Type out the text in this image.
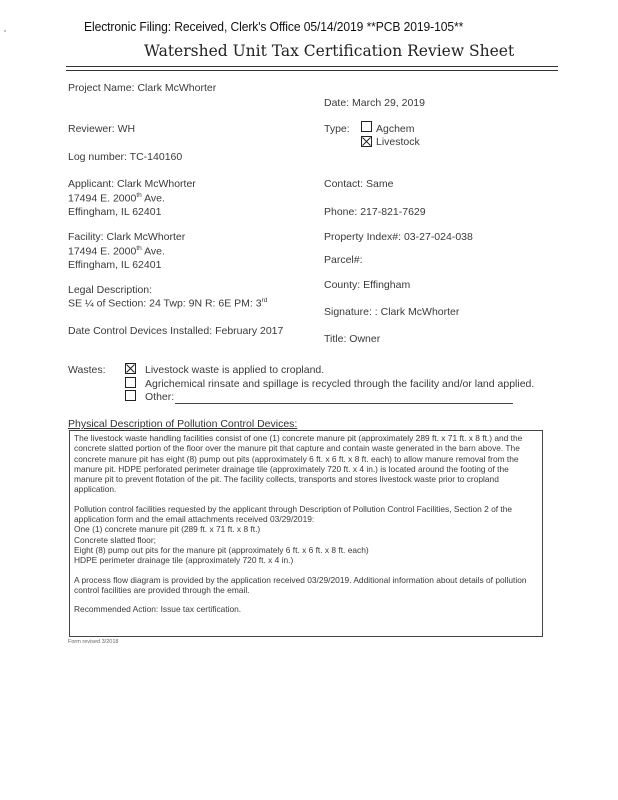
Electronic Filing: Received, Clerk's Office 05/14/2019 **PCB 2019-105**
Watershed Unit Tax Certification Review Sheet
Project Name: Clark McWhorter
Reviewer: WH
Log number: TC-140160
Applicant: Clark McWhorter
17494 E. 2000th Ave.
Effingham, IL 62401
Facility: Clark McWhorter
17494 E. 2000th Ave.
Effingham, IL 62401
Legal Description:
SE ¼ of Section: 24 Twp: 9N R: 6E PM: 3rd
Date Control Devices Installed: February 2017
Date: March 29, 2019
Type:	Agchem
Livestock
Contact: Same
Phone: 217-821-7629
Property Index#: 03-27-024-038
Parcel#:
County: Effingham
Signature: : Clark McWhorter
Title: Owner
Wastes:	Livestock waste is applied to cropland.
Agrichemical rinsate and spillage is recycled through the facility and/or land applied.
Other:
Physical Description of Pollution Control Devices:

The livestock waste handling facilities consist of one (1) concrete manure pit (approximately 289 ft. x 71 ft. x 8 ft.) and the concrete slatted portion of the floor over the manure pit that capture and contain waste generated in the barn above. The concrete manure pit has eight (8) pump out pits (approximately 6 ft. x 6 ft. x 8 ft. each) to allow manure removal from the manure pit. HDPE perforated perimeter drainage tile (approximately 720 ft. x 4 in.) is located around the footing of the manure pit to prevent flotation of the pit. The facility collects, transports and stores livestock waste prior to cropland application.

Pollution control facilities requested by the applicant through Description of Pollution Control Facilities, Section 2 of the application form and the email attachments received 03/29/2019:

One (1) concrete manure pit (289 ft. x 71 ft. x 8 ft.)

Concrete slatted floor;

Eight (8) pump out pits for the manure pit (approximately 6 ft. x 6 ft. x 8 ft. each)

HDPE perimeter drainage tile (approximately 720 ft. x 4 in.)

A process flow diagram is provided by the application received 03/29/2019. Additional information about details of pollution control facilities are provided through the email.

Recommended Action: Issue tax certification.

Form revised 3/2018
